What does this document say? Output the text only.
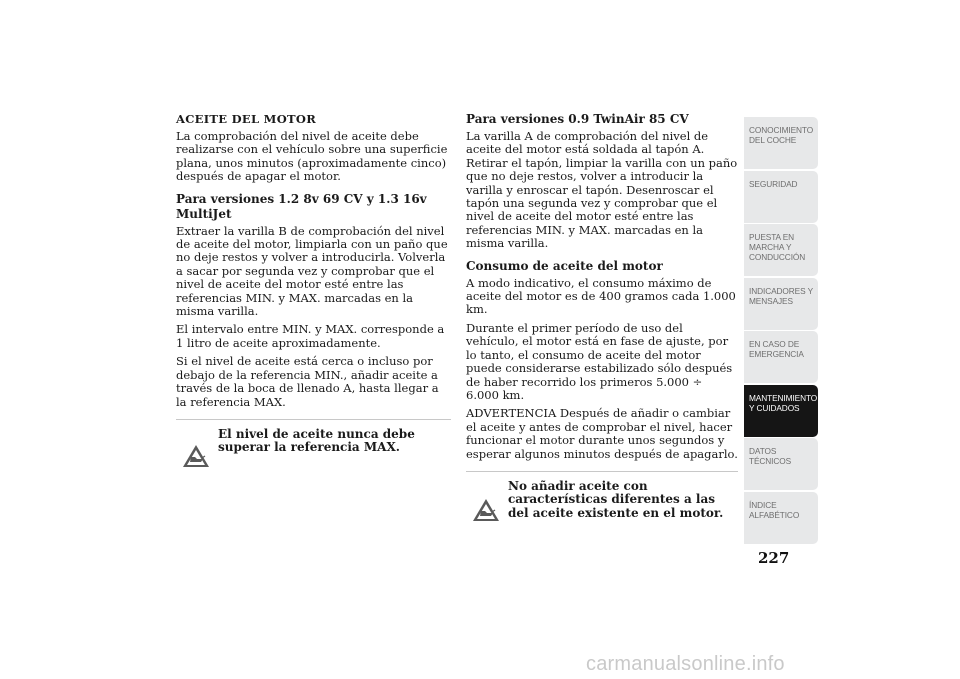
ACEITE DEL MOTOR
La comprobación del nivel de aceite debe realizarse con el vehículo sobre una superficie plana, unos minutos (aproximadamente cinco) después de apagar el motor.
Para versiones 1.2 8v 69 CV y 1.3 16v MultiJet
Extraer la varilla B de comprobación del nivel de aceite del motor, limpiarla con un paño que no deje restos y volver a introducirla. Volverla a sacar por segunda vez y comprobar que el nivel de aceite del motor esté entre las referencias MIN. y MAX. marcadas en la misma varilla.
El intervalo entre MIN. y MAX. corresponde a 1 litro de aceite aproximadamente.
Si el nivel de aceite está cerca o incluso por debajo de la referencia MIN., añadir aceite a través de la boca de llenado A, hasta llegar a la referencia MAX.
El nivel de aceite nunca debe superar la referencia MAX.
Para versiones 0.9 TwinAir 85 CV
La varilla A de comprobación del nivel de aceite del motor está soldada al tapón A. Retirar el tapón, limpiar la varilla con un paño que no deje restos, volver a introducir la varilla y enroscar el tapón. Desenroscar el tapón una segunda vez y comprobar que el nivel de aceite del motor esté entre las referencias MIN. y MAX. marcadas en la misma varilla.
Consumo de aceite del motor
A modo indicativo, el consumo máximo de aceite del motor es de 400 gramos cada 1.000 km.
Durante el primer período de uso del vehículo, el motor está en fase de ajuste, por lo tanto, el consumo de aceite del motor puede considerarse estabilizado sólo después de haber recorrido los primeros 5.000 ÷ 6.000 km.
ADVERTENCIA Después de añadir o cambiar el aceite y antes de comprobar el nivel, hacer funcionar el motor durante unos segundos y esperar algunos minutos después de apagarlo.
No añadir aceite con características diferentes a las del aceite existente en el motor.
CONOCIMIENTO DEL COCHE
SEGURIDAD
PUESTA EN MARCHA Y CONDUCCIÓN
INDICADORES Y MENSAJES
EN CASO DE EMERGENCIA
MANTENIMIENTO Y CUIDADOS
DATOS TÉCNICOS
ÍNDICE ALFABÉTICO
227
carmanualsonline.info
